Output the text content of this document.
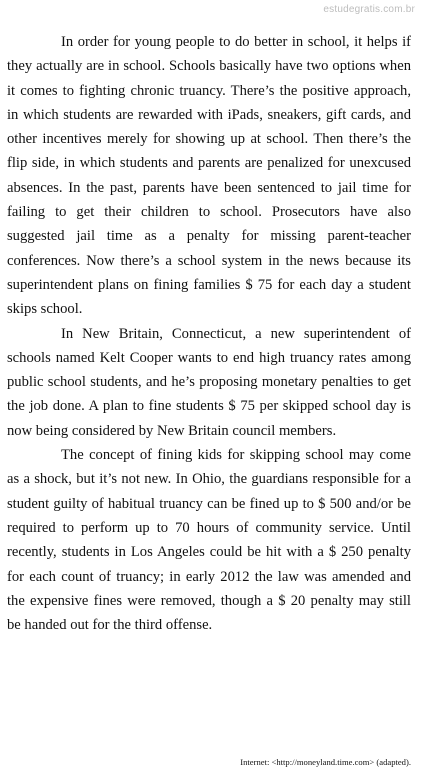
estudegratis.com.br

In order for young people to do better in school, it helps if they actually are in school. Schools basically have two options when it comes to fighting chronic truancy. There’s the positive approach, in which students are rewarded with iPads, sneakers, gift cards, and other incentives merely for showing up at school. Then there’s the flip side, in which students and parents are penalized for unexcused absences. In the past, parents have been sentenced to jail time for failing to get their children to school. Prosecutors have also suggested jail time as a penalty for missing parent-teacher conferences. Now there’s a school system in the news because its superintendent plans on fining families $ 75 for each day a student skips school.

In New Britain, Connecticut, a new superintendent of schools named Kelt Cooper wants to end high truancy rates among public school students, and he’s proposing monetary penalties to get the job done. A plan to fine students $ 75 per skipped school day is now being considered by New Britain council members.

The concept of fining kids for skipping school may come as a shock, but it’s not new. In Ohio, the guardians responsible for a student guilty of habitual truancy can be fined up to $ 500 and/or be required to perform up to 70 hours of community service. Until recently, students in Los Angeles could be hit with a $ 250 penalty for each count of truancy; in early 2012 the law was amended and the expensive fines were removed, though a $ 20 penalty may still be handed out for the third offense.

Internet: <http://moneyland.time.com> (adapted).
